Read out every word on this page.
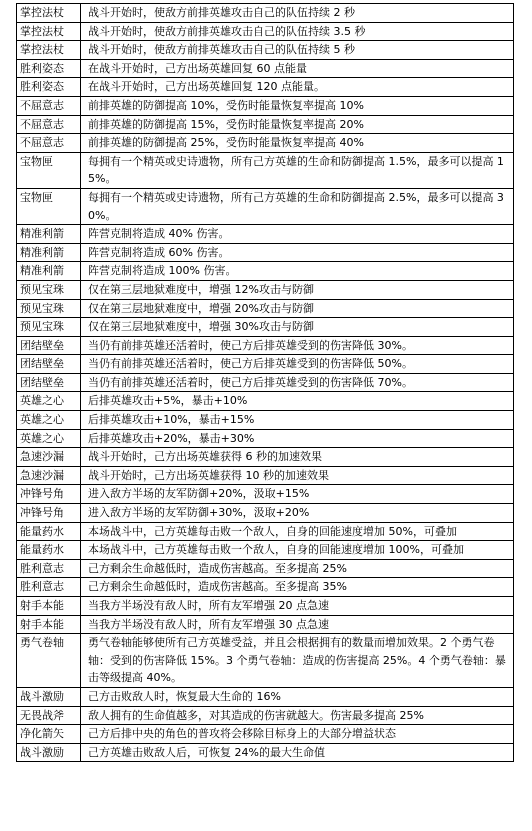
掌控法杖	战斗开始时，使敌方前排英雄攻击自己的队伍持续 2 秒
掌控法杖	战斗开始时，使敌方前排英雄攻击自己的队伍持续 3.5 秒
掌控法杖	战斗开始时，使敌方前排英雄攻击自己的队伍持续 5 秒
胜利姿态	在战斗开始时，己方出场英雄回复 60 点能量
胜利姿态	在战斗开始时，己方出场英雄回复 120 点能量。
不屈意志	前排英雄的防御提高 10%，受伤时能量恢复率提高 10%
不屈意志	前排英雄的防御提高 15%，受伤时能量恢复率提高 20%
不屈意志	前排英雄的防御提高 25%，受伤时能量恢复率提高 40%
宝物匣	每拥有一个精英或史诗遗物，所有己方英雄的生命和防御提高 1.5%，最多可以提高 15%。
宝物匣	每拥有一个精英或史诗遗物，所有己方英雄的生命和防御提高 2.5%，最多可以提高 30%。
精准利箭	阵营克制将造成 40% 伤害。
精准利箭	阵营克制将造成 60% 伤害。
精准利箭	阵营克制将造成 100% 伤害。
预见宝珠	仅在第三层地狱难度中，增强 12%攻击与防御
预见宝珠	仅在第三层地狱难度中，增强 20%攻击与防御
预见宝珠	仅在第三层地狱难度中，增强 30%攻击与防御
团结壁垒	当仍有前排英雄还活着时，使己方后排英雄受到的伤害降低 30%。
团结壁垒	当仍有前排英雄还活着时，使己方后排英雄受到的伤害降低 50%。
团结壁垒	当仍有前排英雄还活着时，使己方后排英雄受到的伤害降低 70%。
英雄之心	后排英雄攻击+5%，暴击+10%
英雄之心	后排英雄攻击+10%，暴击+15%
英雄之心	后排英雄攻击+20%，暴击+30%
急速沙漏	战斗开始时，己方出场英雄获得 6 秒的加速效果
急速沙漏	战斗开始时，己方出场英雄获得 10 秒的加速效果
冲锋号角	进入敌方半场的友军防御+20%，汲取+15%
冲锋号角	进入敌方半场的友军防御+30%，汲取+20%
能量药水	本场战斗中，己方英雄每击败一个敌人，自身的回能速度增加 50%，可叠加
能量药水	本场战斗中，己方英雄每击败一个敌人，自身的回能速度增加 100%，可叠加
胜利意志	己方剩余生命越低时，造成伤害越高。至多提高 25%
胜利意志	己方剩余生命越低时，造成伤害越高。至多提高 35%
射手本能	当我方半场没有敌人时，所有友军增强 20 点急速
射手本能	当我方半场没有敌人时，所有友军增强 30 点急速
勇气卷轴	勇气卷轴能够使所有己方英雄受益，并且会根据拥有的数量而增加效果。2 个勇气卷轴：受到的伤害降低 15%。3 个勇气卷轴：造成的伤害提高 25%。4 个勇气卷轴：暴击等级提高 40%。
战斗激励	己方击败敌人时，恢复最大生命的 16%
无畏战斧	敌人拥有的生命值越多，对其造成的伤害就越大。伤害最多提高 25%
净化箭矢	己方后排中央的角色的普攻将会移除目标身上的大部分增益状态
战斗激励	己方英雄击败敌人后，可恢复 24%的最大生命值
